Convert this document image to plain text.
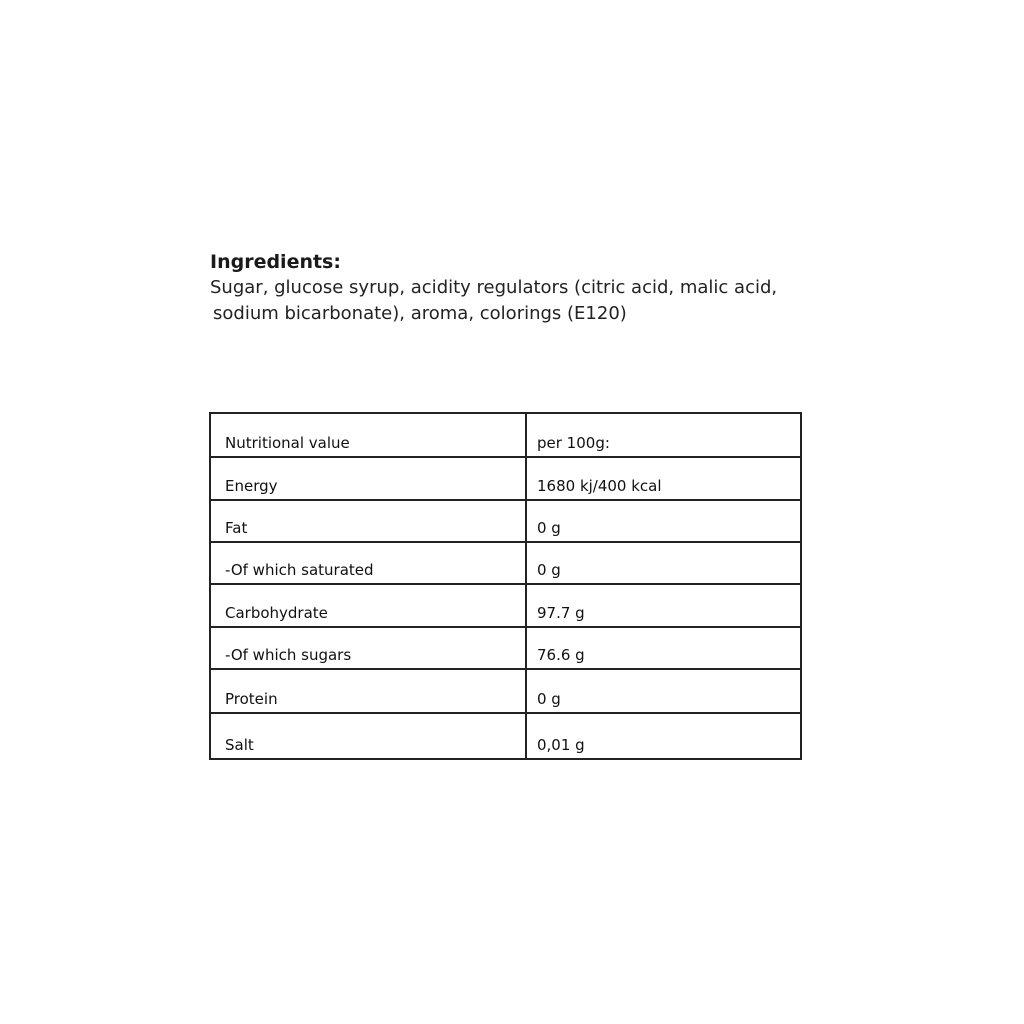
Ingredients:

Sugar, glucose syrup, acidity regulators (citric acid, malic acid,
sodium bicarbonate), aroma, colorings (E120)

Nutritional value	per 100g:
Energy	1680 kj/400 kcal
Fat	0 g
-Of which saturated	0 g
Carbohydrate	97.7 g
-Of which sugars	76.6 g
Protein	0 g
Salt	0,01 g
